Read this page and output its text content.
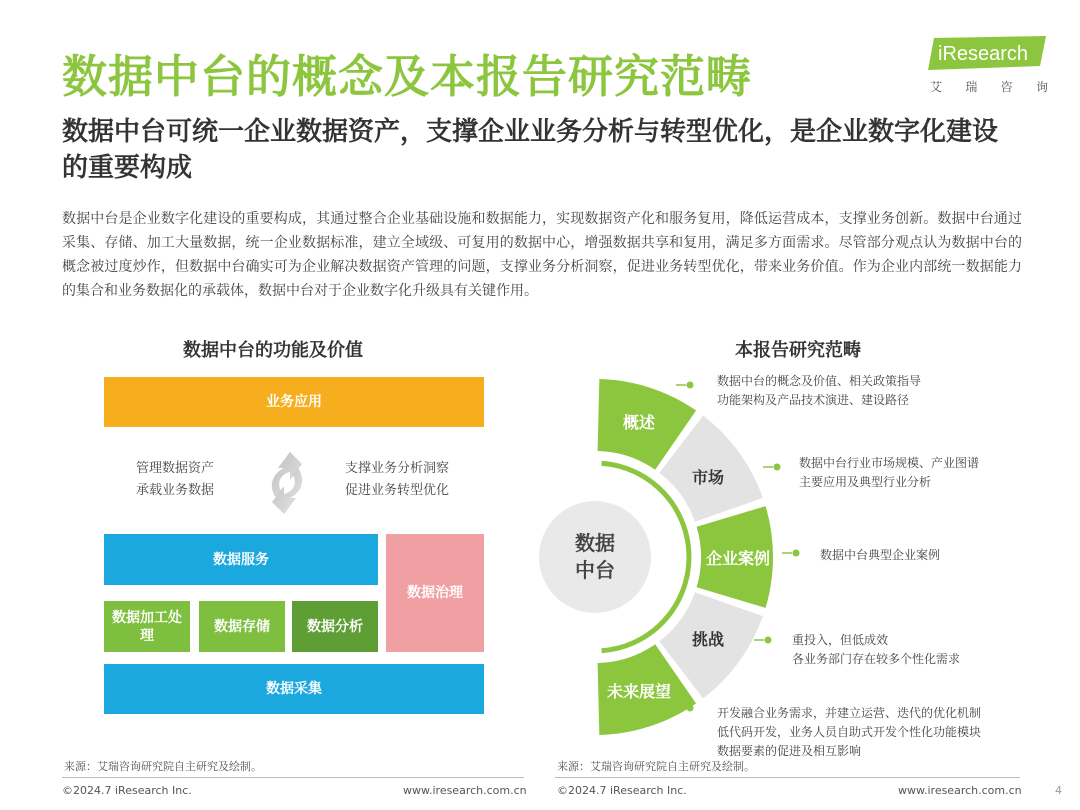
数据中台的概念及本报告研究范畴	iResearch
艾 瑞 咨 询
数据中台可统一企业数据资产，支撑企业业务分析与转型优化，是企业数字化建设的重要构成
数据中台是企业数字化建设的重要构成，其通过整合企业基础设施和数据能力，实现数据资产化和服务复用，降低运营成本，支撑业务创新。数据中台通过采集、存储、加工大量数据，统一企业数据标准，建立全域级、可复用的数据中心，增强数据共享和复用，满足多方面需求。尽管部分观点认为数据中台的概念被过度炒作，但数据中台确实可为企业解决数据资产管理的问题，支撑业务分析洞察，促进业务转型优化，带来业务价值。作为企业内部统一数据能力的集合和业务数据化的承载体，数据中台对于企业数字化升级具有关键作用。
数据中台的功能及价值
业务应用
管理数据资产
承载业务数据
支撑业务分析洞察
促进业务转型优化
数据服务
数据治理
数据加工处理
数据存储	数据分析
数据采集
来源：艾瑞咨询研究院自主研究及绘制。
©2024.7 iResearch Inc.	www.iresearch.com.cn
本报告研究范畴
概述
市场
企业案例
挑战
未来展望
数据
中台
数据中台的概念及价值、相关政策指导
功能架构及产品技术演进、建设路径
数据中台行业市场规模、产业图谱
主要应用及典型行业分析
数据中台典型企业案例
重投入，但低成效
各业务部门存在较多个性化需求
开发融合业务需求，并建立运营、迭代的优化机制
低代码开发，业务人员自助式开发个性化功能模块
数据要素的促进及相互影响
来源：艾瑞咨询研究院自主研究及绘制。
©2024.7 iResearch Inc.	www.iresearch.com.cn	4
